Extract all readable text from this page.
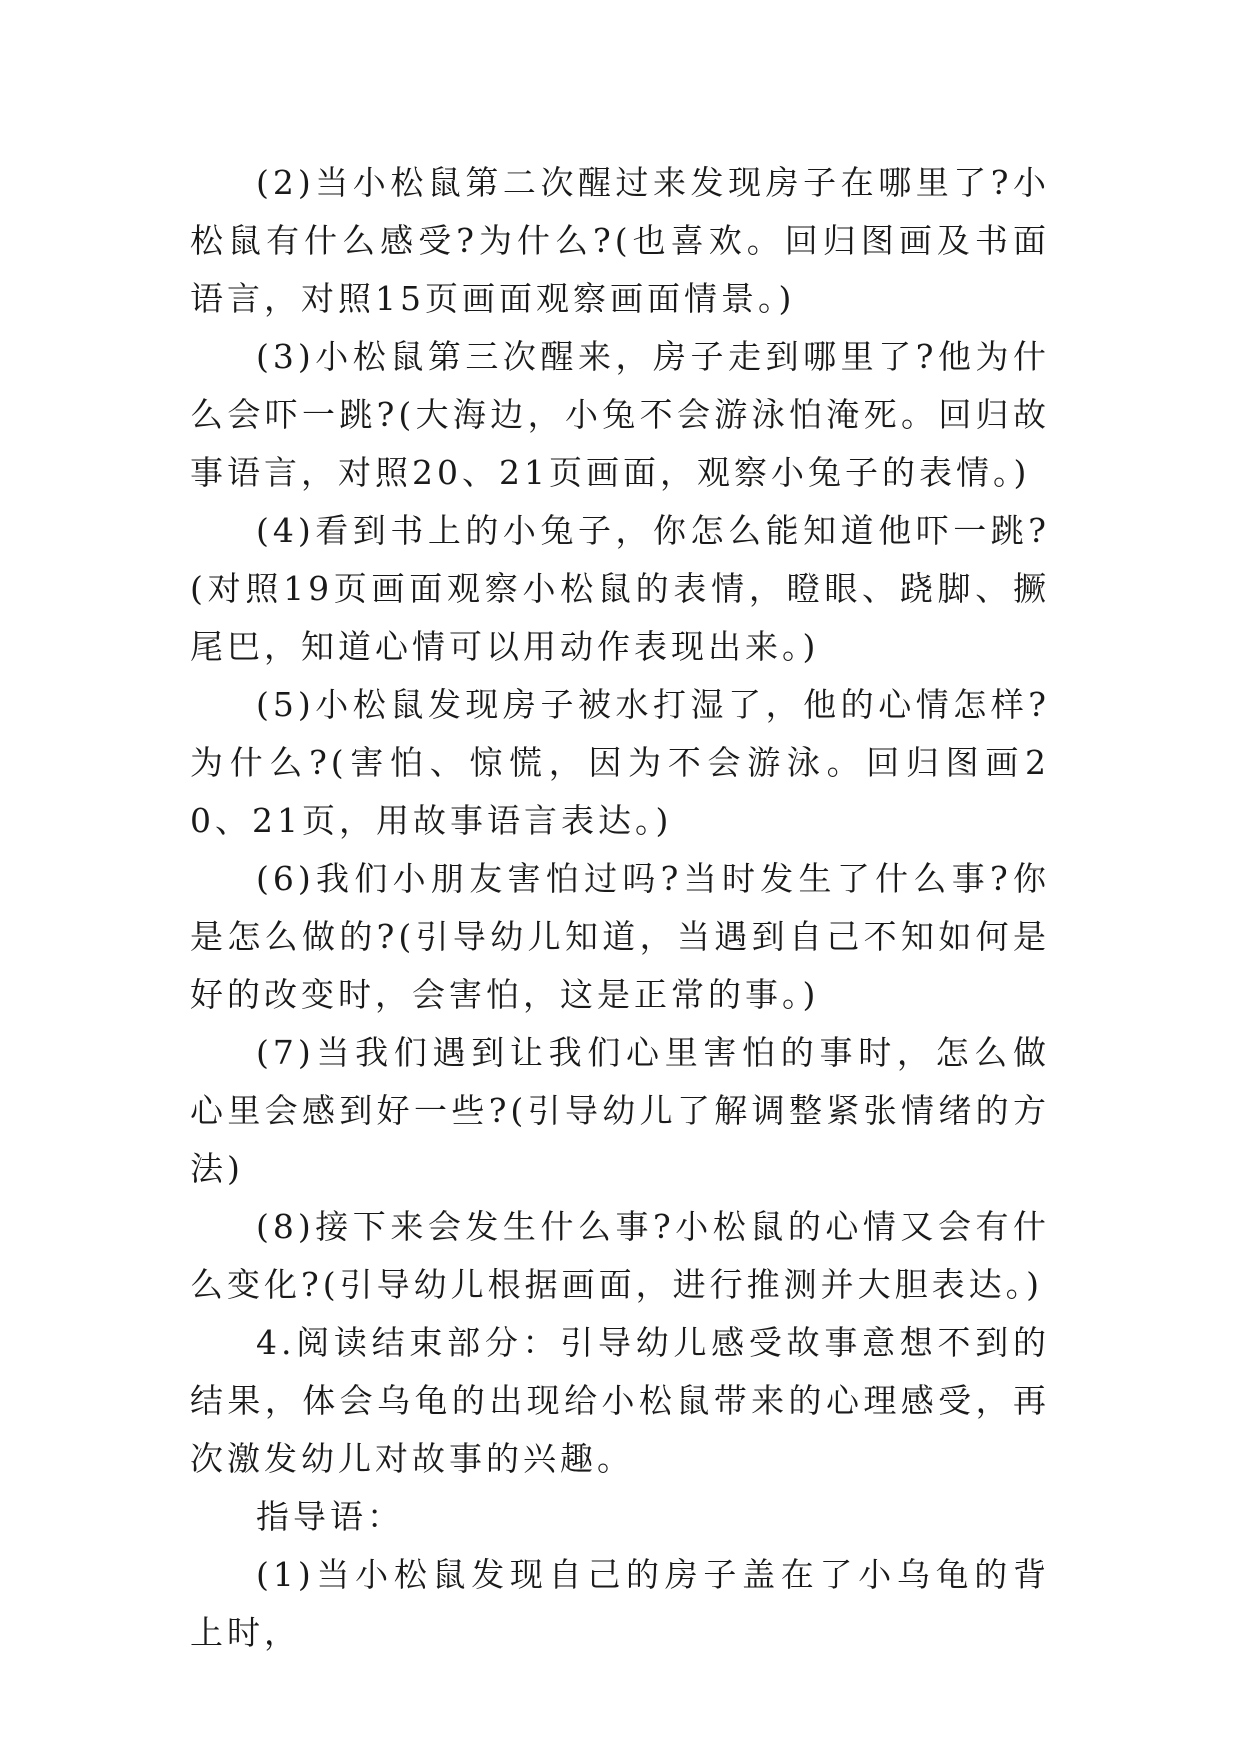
(2)当小松鼠第二次醒过来发现房子在哪里了?小松鼠有什么感受?为什么?(也喜欢。回归图画及书面语言，对照15页画面观察画面情景。)

(3)小松鼠第三次醒来，房子走到哪里了?他为什么会吓一跳?(大海边，小兔不会游泳怕淹死。回归故事语言，对照20、21页画面，观察小兔子的表情。)

(4)看到书上的小兔子，你怎么能知道他吓一跳?(对照19页画面观察小松鼠的表情，瞪眼、跷脚、撅尾巴，知道心情可以用动作表现出来。)

(5)小松鼠发现房子被水打湿了，他的心情怎样?为什么?(害怕、惊慌，因为不会游泳。回归图画20、21页，用故事语言表达。)

(6)我们小朋友害怕过吗?当时发生了什么事?你是怎么做的?(引导幼儿知道，当遇到自己不知如何是好的改变时，会害怕，这是正常的事。)

(7)当我们遇到让我们心里害怕的事时，怎么做心里会感到好一些?(引导幼儿了解调整紧张情绪的方法)

(8)接下来会发生什么事?小松鼠的心情又会有什么变化?(引导幼儿根据画面，进行推测并大胆表达。)

4.阅读结束部分：引导幼儿感受故事意想不到的结果，体会乌龟的出现给小松鼠带来的心理感受，再次激发幼儿对故事的兴趣。

指导语：

(1)当小松鼠发现自己的房子盖在了小乌龟的背上时，
